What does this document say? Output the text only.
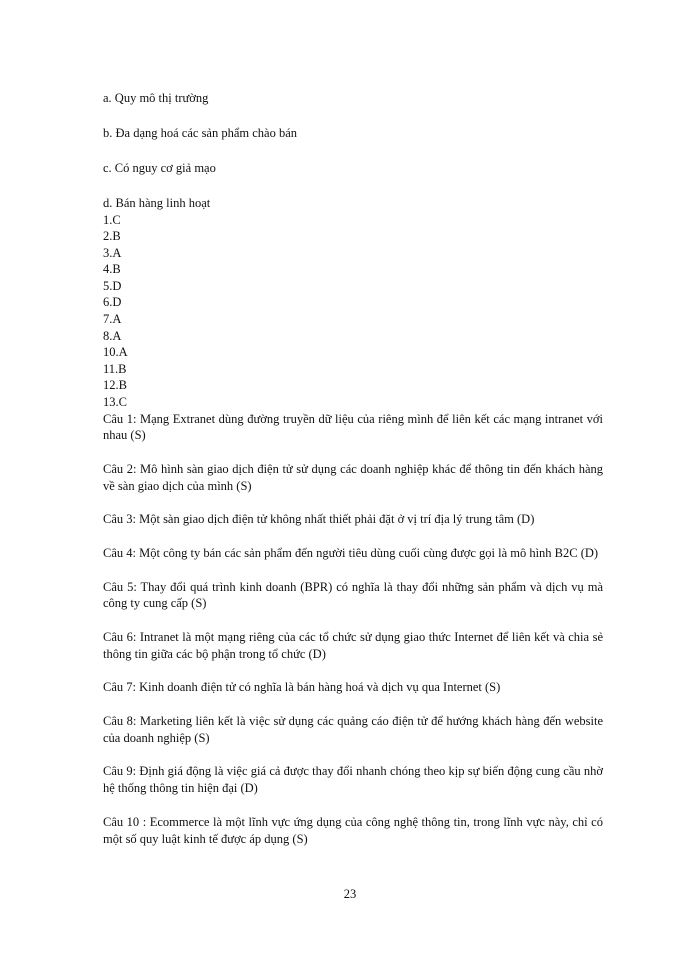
a. Quy mô thị trường
b. Đa dạng hoá các sản phẩm chào bán
c. Có nguy cơ giả mạo
d. Bán hàng linh hoạt
1.C
2.B
3.A
4.B
5.D
6.D
7.A
8.A
10.A
11.B
12.B
13.C

Câu 1: Mạng Extranet dùng đường truyền dữ liệu của riêng mình để liên kết các mạng intranet với nhau (S)

Câu 2: Mô hình sàn giao dịch điện tử sử dụng các doanh nghiệp khác để thông tin đến khách hàng về sàn giao dịch của mình (S)

Câu 3: Một sàn giao dịch điện tử không nhất thiết phải đặt ở vị trí địa lý trung tâm (D)

Câu 4: Một công ty bán các sản phẩm đến người tiêu dùng cuối cùng được gọi là mô hình B2C (D)

Câu 5: Thay đổi quá trình kinh doanh (BPR) có nghĩa là thay đổi những sản phẩm và dịch vụ mà công ty cung cấp (S)

Câu 6: Intranet là một mạng riêng của các tổ chức sử dụng giao thức Internet để liên kết và chia sẻ thông tin giữa các bộ phận trong tổ chức (D)

Câu 7: Kinh doanh điện tử có nghĩa là bán hàng hoá và dịch vụ qua Internet (S)

Câu 8: Marketing liên kết là việc sử dụng các quảng cáo điện tử để hướng khách hàng đến website của doanh nghiệp (S)

Câu 9: Định giá động là việc giá cả được thay đổi nhanh chóng theo kịp sự biến động cung cầu nhờ hệ thống thông tin hiện đại (D)

Câu 10 : Ecommerce là một lĩnh vực ứng dụng của công nghệ thông tin, trong lĩnh vực này, chỉ có một số quy luật kinh tế được áp dụng (S)

23
